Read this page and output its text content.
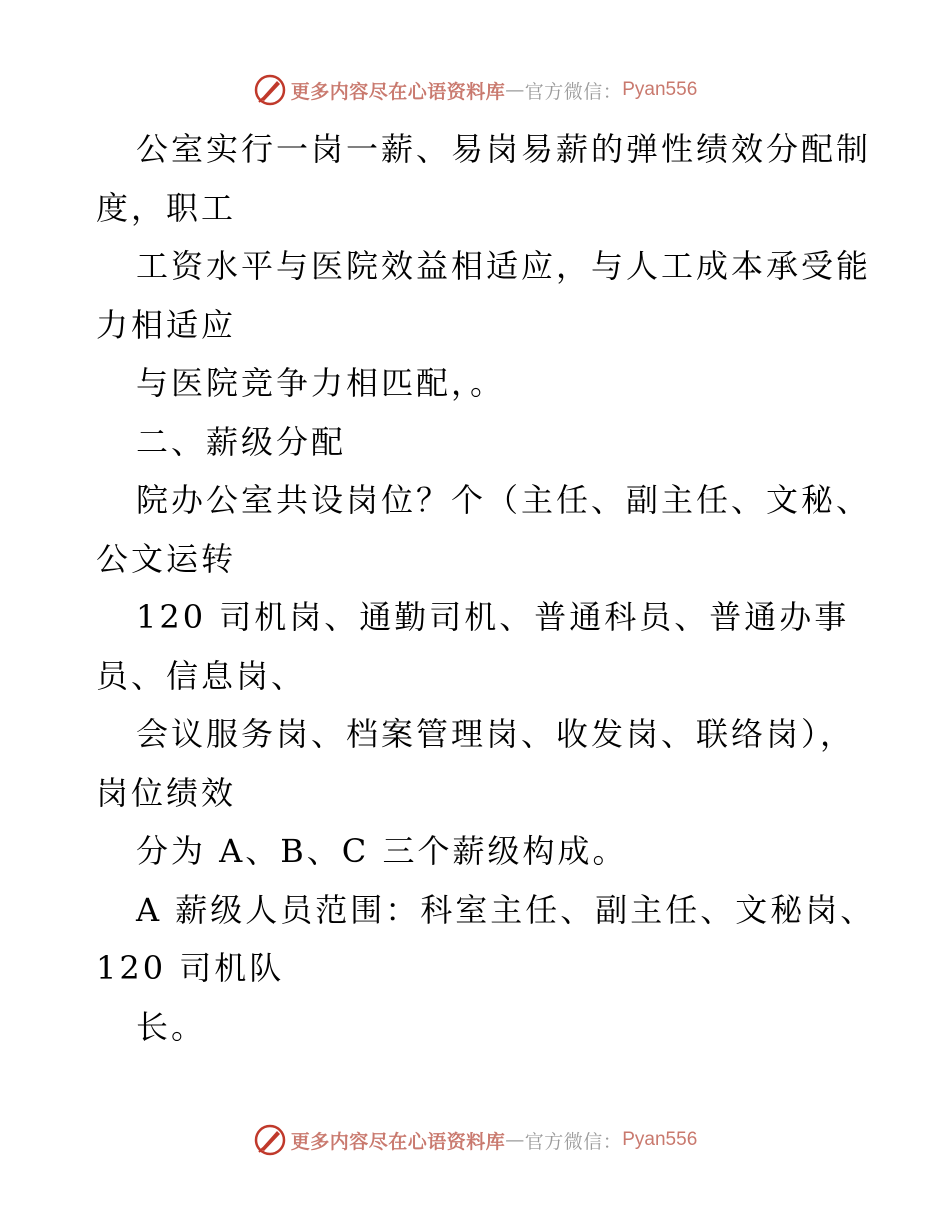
更多内容尽在心语资料库 — 官方微信： Pyan556
公室实行一岗一薪、易岗易薪的弹性绩效分配制
度，职工
工资水平与医院效益相适应，与人工成本承受能
力相适应
与医院竞争力相匹配，。
二、薪级分配
院办公室共设岗位？个（主任、副主任、文秘、
公文运转
120 司机岗、通勤司机、普通科员、普通办事
员、信息岗、
会议服务岗、档案管理岗、收发岗、联络岗），
岗位绩效
分为 A、B、C 三个薪级构成。
A 薪级人员范围：科室主任、副主任、文秘岗、
120 司机队
长。
更多内容尽在心语资料库 — 官方微信： Pyan556
